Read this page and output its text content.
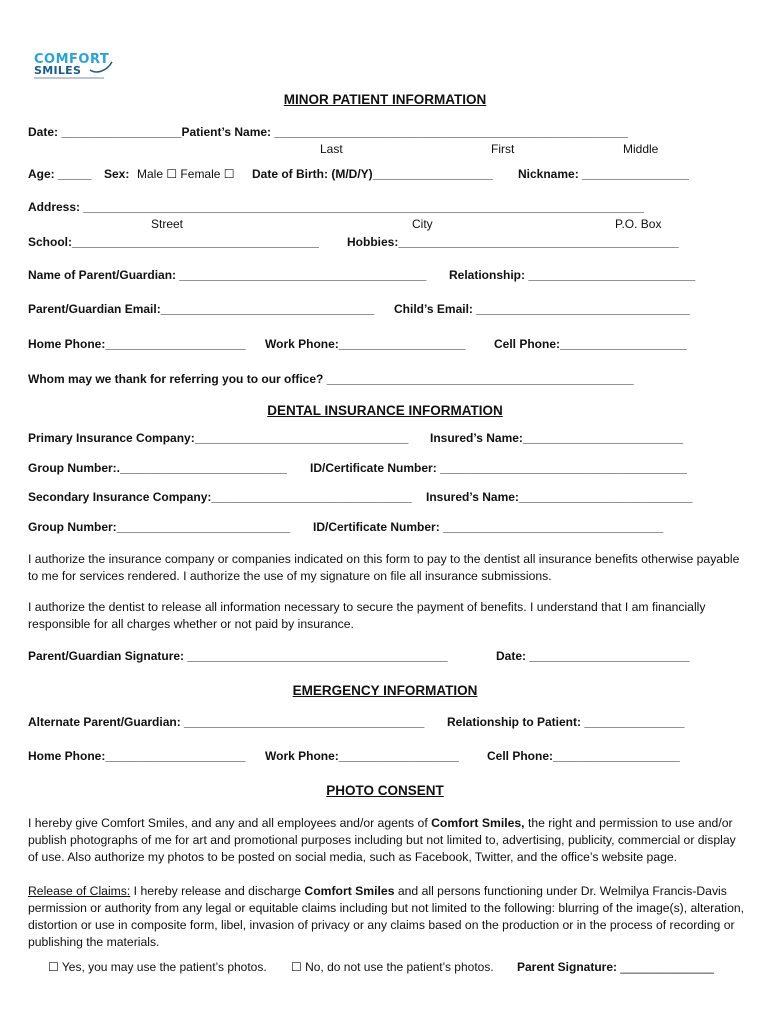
COMFORT
SMILES
MINOR PATIENT INFORMATION
Date: __________________Patient’s Name: _____________________________________________________
Last	First	Middle
Age: _____ Sex: Male ☐ Female ☐ Date of Birth: (M/D/Y)__________________ Nickname: ________________
Address: ____________________________________________________________________________________
Street	City	P.O. Box
School:_____________________________________ Hobbies:__________________________________________
Name of Parent/Guardian: _____________________________________ Relationship: _________________________
Parent/Guardian Email:________________________________ Child’s Email: ________________________________
Home Phone:_____________________ Work Phone:___________________ Cell Phone:___________________
Whom may we thank for referring you to our office? ______________________________________________
DENTAL INSURANCE INFORMATION
Primary Insurance Company:________________________________ Insured’s Name:________________________
Group Number:._________________________ ID/Certificate Number: _____________________________________
Secondary Insurance Company:______________________________ Insured’s Name:__________________________
Group Number:__________________________ ID/Certificate Number: _________________________________
I authorize the insurance company or companies indicated on this form to pay to the dentist all insurance benefits otherwise payable to me for services rendered. I authorize the use of my signature on file all insurance submissions.
I authorize the dentist to release all information necessary to secure the payment of benefits. I understand that I am financially responsible for all charges whether or not paid by insurance.
Parent/Guardian Signature: _______________________________________	Date: ________________________
EMERGENCY INFORMATION
Alternate Parent/Guardian: ____________________________________ Relationship to Patient: _______________
Home Phone:_____________________ Work Phone:__________________ Cell Phone:___________________
PHOTO CONSENT
I hereby give Comfort Smiles, and any and all employees and/or agents of Comfort Smiles, the right and permission to use and/or publish photographs of me for art and promotional purposes including but not limited to, advertising, publicity, commercial or display of use. Also authorize my photos to be posted on social media, such as Facebook, Twitter, and the office’s website page.
Release of Claims: I hereby release and discharge Comfort Smiles and all persons functioning under Dr. Welmilya Francis-Davis permission or authority from any legal or equitable claims including but not limited to the following: blurring of the image(s), alteration, distortion or use in composite form, libel, invasion of privacy or any claims based on the production or in the process of recording or publishing the materials.
☐ Yes, you may use the patient’s photos. ☐ No, do not use the patient’s photos. Parent Signature: ______________
